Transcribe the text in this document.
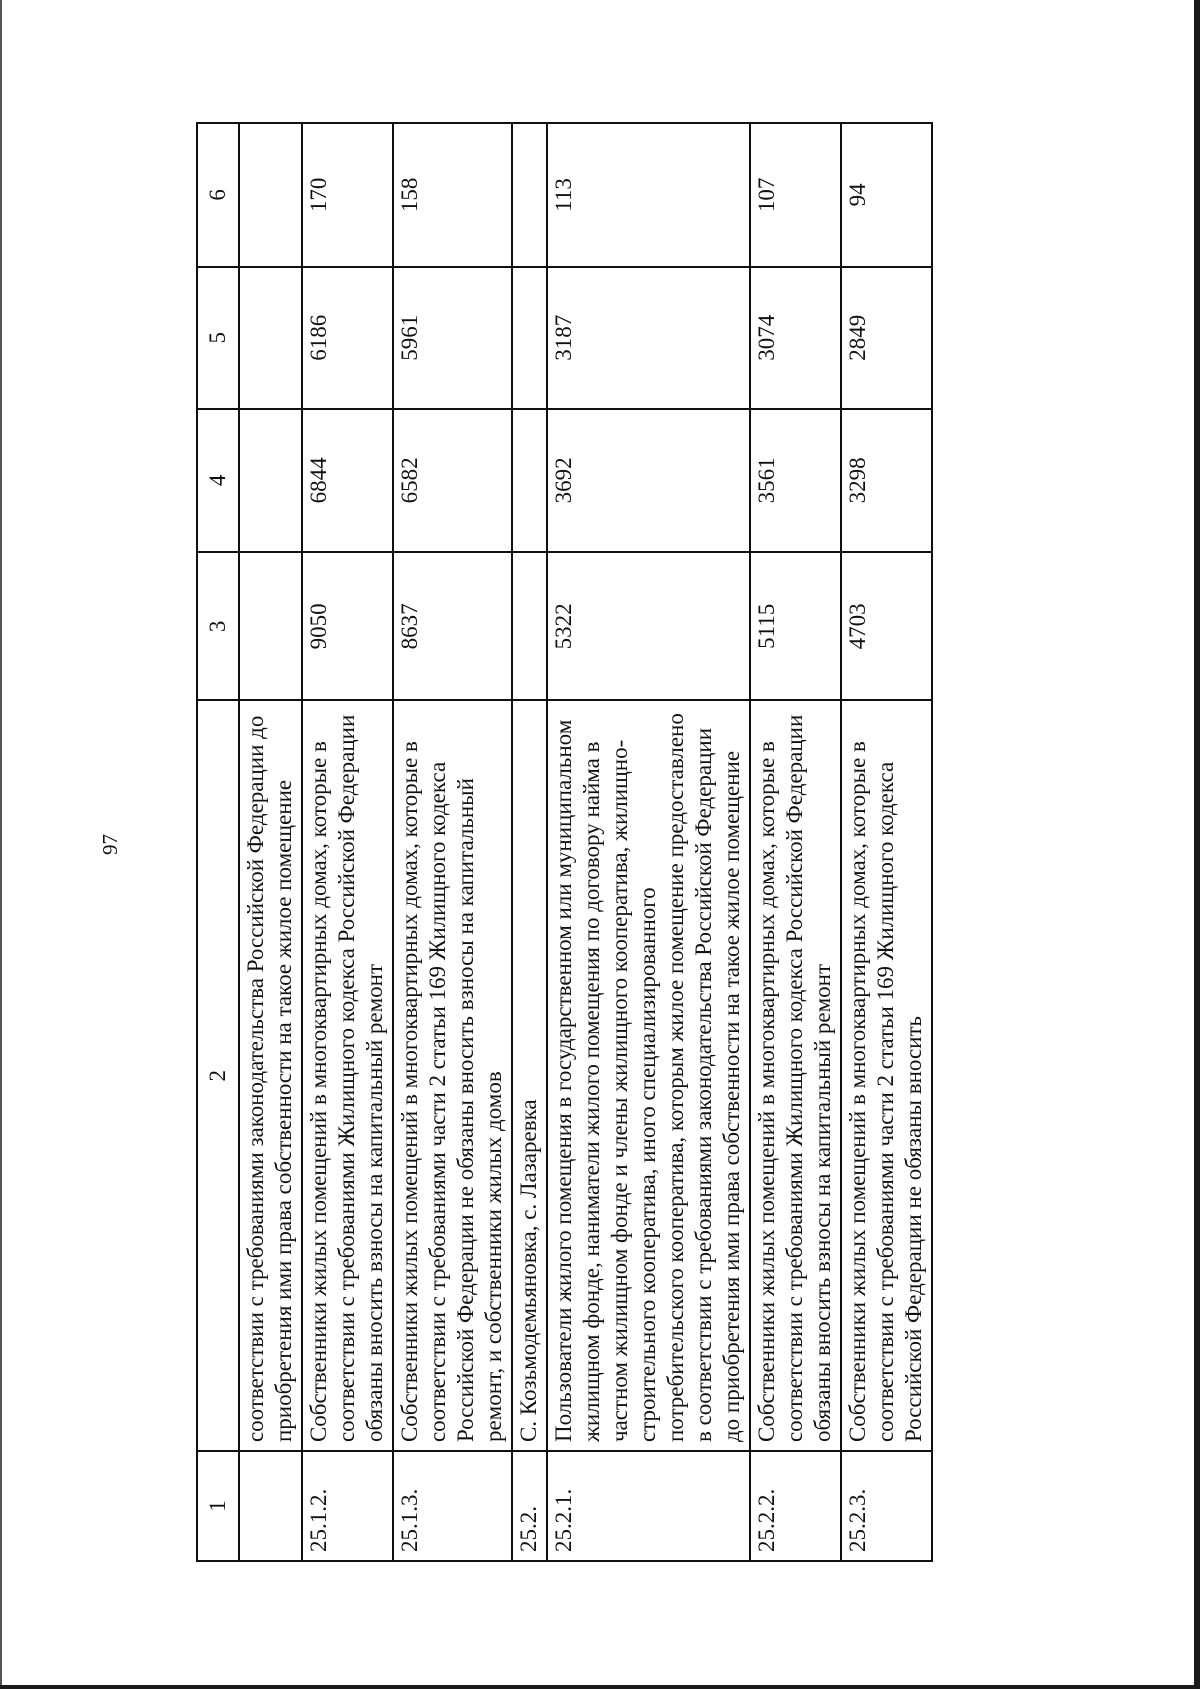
97
1	2	3	4	5	6
	соответствии с требованиями законодательства Российской Федерации до приобретения ими права собственности на такое жилое помещение				
25.1.2.	Собственники жилых помещений в многоквартирных домах, которые в соответствии с требованиями Жилищного кодекса Российской Федерации обязаны вносить взносы на капитальный ремонт	9050	6844	6186	170
25.1.3.	Собственники жилых помещений в многоквартирных домах, которые в соответствии с требованиями части 2 статьи 169 Жилищного кодекса Российской Федерации не обязаны вносить взносы на капитальный ремонт, и собственники жилых домов	8637	6582	5961	158
25.2.	С. Козьмодемьяновка, с. Лазаревка				
25.2.1.	Пользователи жилого помещения в государственном или муниципальном жилищном фонде, наниматели жилого помещения по договору найма в частном жилищном фонде и члены жилищного кооператива, жилищно-строительного кооператива, иного специализированного потребительского кооператива, которым жилое помещение предоставлено в соответствии с требованиями законодательства Российской Федерации до приобретения ими права собственности на такое жилое помещение	5322	3692	3187	113
25.2.2.	Собственники жилых помещений в многоквартирных домах, которые в соответствии с требованиями Жилищного кодекса Российской Федерации обязаны вносить взносы на капитальный ремонт	5115	3561	3074	107
25.2.3.	Собственники жилых помещений в многоквартирных домах, которые в соответствии с требованиями части 2 статьи 169 Жилищного кодекса Российской Федерации не обязаны вносить	4703	3298	2849	94
